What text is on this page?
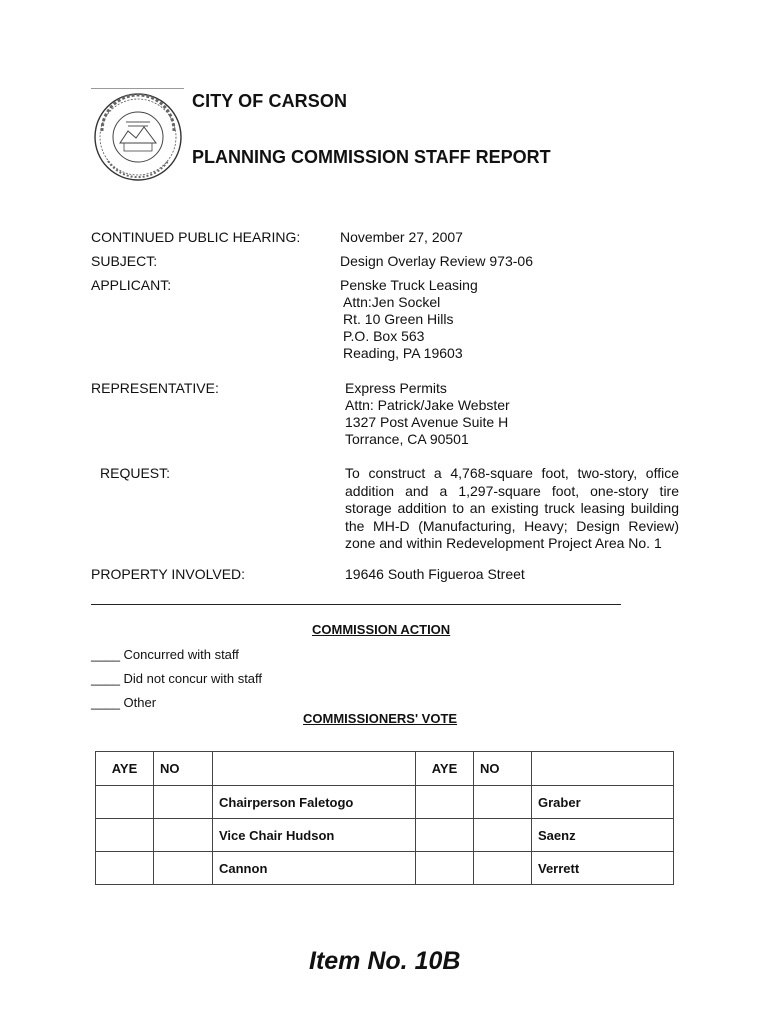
CITY OF CARSON
PLANNING COMMISSION STAFF REPORT
CONTINUED PUBLIC HEARING:	November 27, 2007
SUBJECT:	Design Overlay Review 973-06
APPLICANT:	Penske Truck Leasing
Attn:Jen Sockel
Rt. 10 Green Hills
P.O. Box 563
Reading, PA 19603
REPRESENTATIVE:	Express Permits
Attn: Patrick/Jake Webster
1327 Post Avenue Suite H
Torrance, CA 90501
REQUEST:	To construct a 4,768-square foot, two-story, office addition and a 1,297-square foot, one-story tire storage addition to an existing truck leasing building the MH-D (Manufacturing, Heavy; Design Review) zone and within Redevelopment Project Area No. 1
PROPERTY INVOLVED:	19646 South Figueroa Street
COMMISSION ACTION
____ Concurred with staff
____ Did not concur with staff
____ Other
COMMISSIONERS' VOTE
AYE	NO		AYE	NO	
		Chairperson Faletogo			Graber
		Vice Chair Hudson			Saenz
		Cannon			Verrett
Item No. 10B
